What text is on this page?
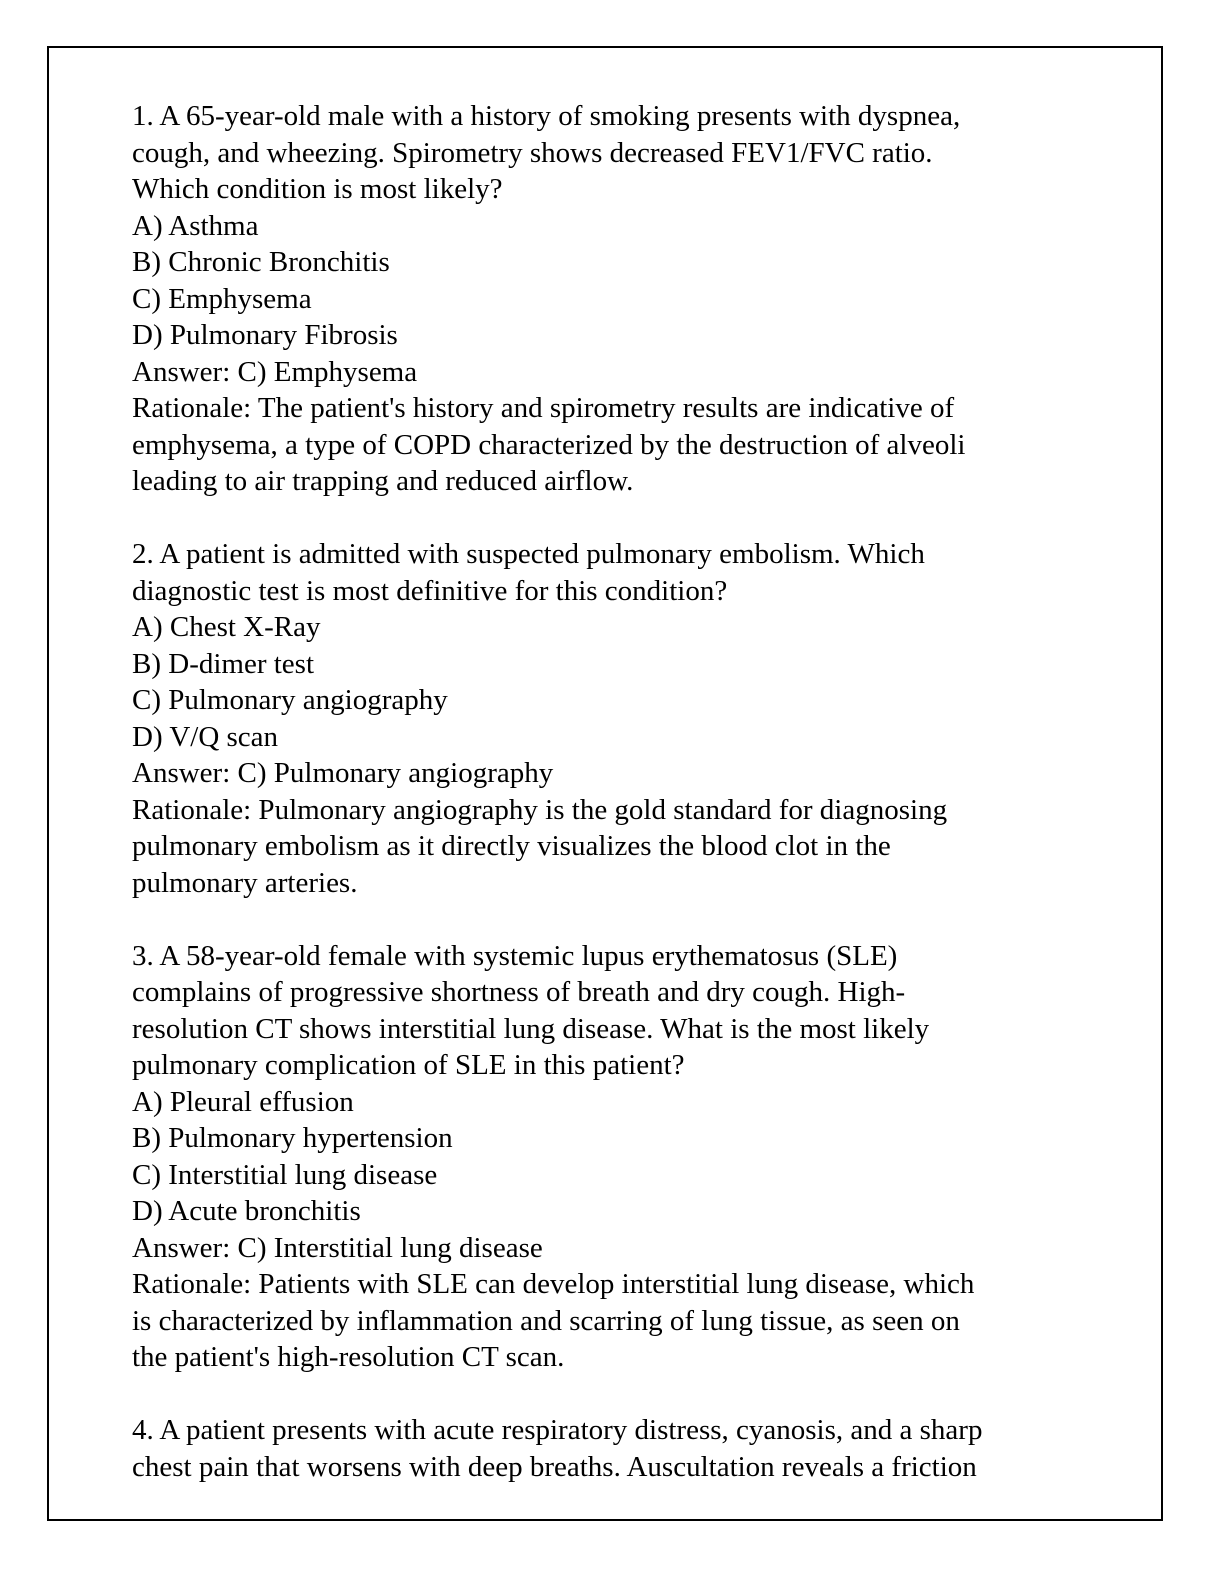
1. A 65-year-old male with a history of smoking presents with dyspnea,
cough, and wheezing. Spirometry shows decreased FEV1/FVC ratio.
Which condition is most likely?
A) Asthma
B) Chronic Bronchitis
C) Emphysema
D) Pulmonary Fibrosis
Answer: C) Emphysema
Rationale: The patient's history and spirometry results are indicative of
emphysema, a type of COPD characterized by the destruction of alveoli
leading to air trapping and reduced airflow.
2. A patient is admitted with suspected pulmonary embolism. Which
diagnostic test is most definitive for this condition?
A) Chest X-Ray
B) D-dimer test
C) Pulmonary angiography
D) V/Q scan
Answer: C) Pulmonary angiography
Rationale: Pulmonary angiography is the gold standard for diagnosing
pulmonary embolism as it directly visualizes the blood clot in the
pulmonary arteries.
3. A 58-year-old female with systemic lupus erythematosus (SLE)
complains of progressive shortness of breath and dry cough. High-
resolution CT shows interstitial lung disease. What is the most likely
pulmonary complication of SLE in this patient?
A) Pleural effusion
B) Pulmonary hypertension
C) Interstitial lung disease
D) Acute bronchitis
Answer: C) Interstitial lung disease
Rationale: Patients with SLE can develop interstitial lung disease, which
is characterized by inflammation and scarring of lung tissue, as seen on
the patient's high-resolution CT scan.
4. A patient presents with acute respiratory distress, cyanosis, and a sharp
chest pain that worsens with deep breaths. Auscultation reveals a friction
